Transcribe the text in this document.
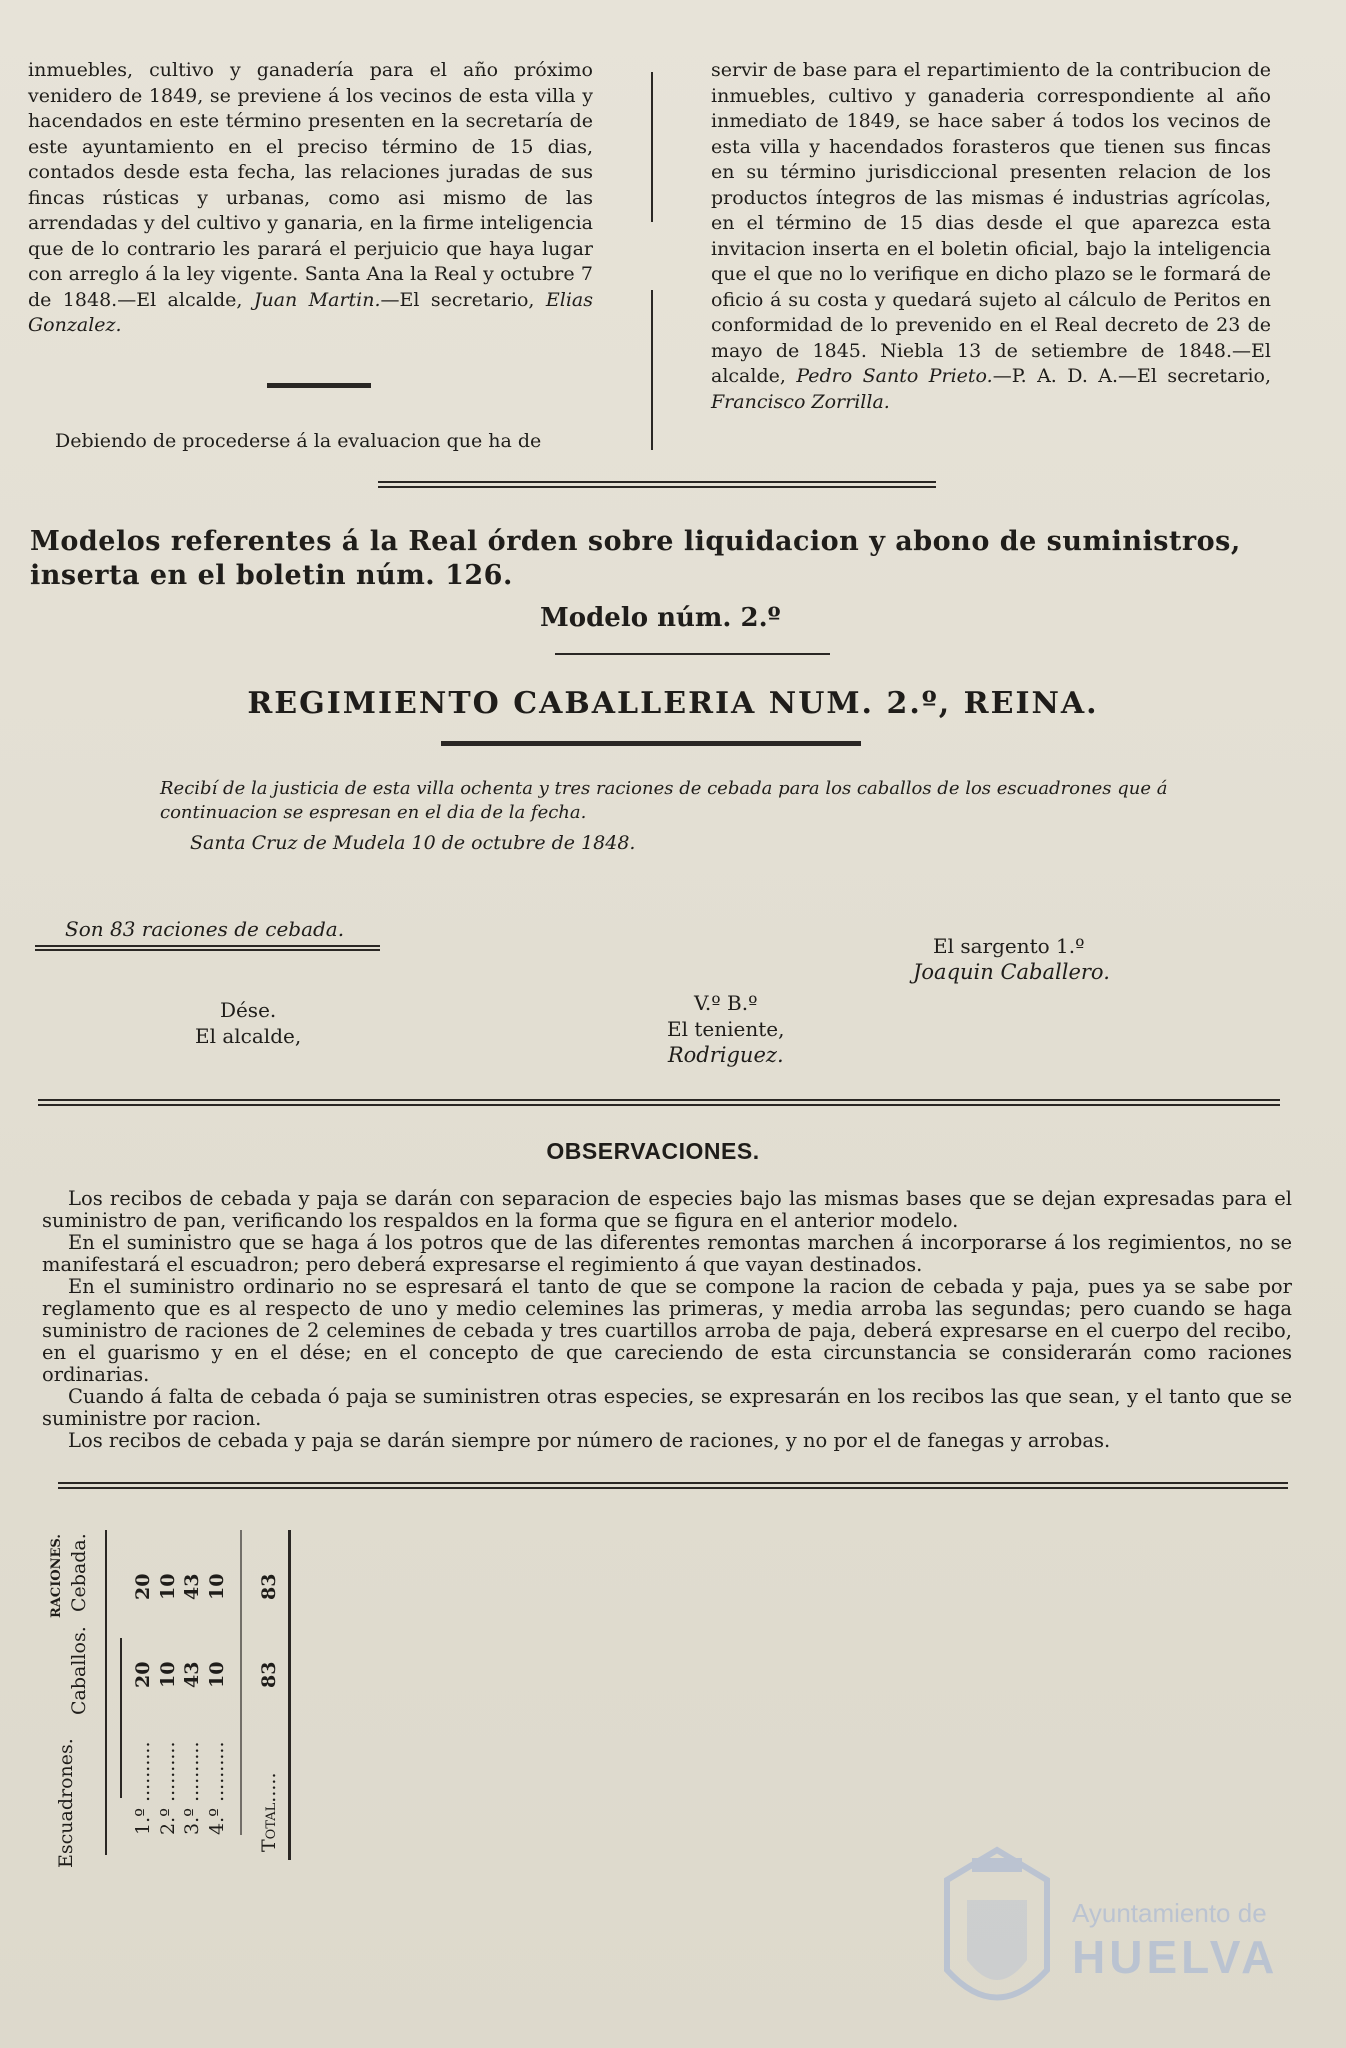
inmuebles, cultivo y ganadería para el año próximo venidero de 1849, se previene á los vecinos de esta villa y hacendados en este término presenten en la secretaría de este ayuntamiento en el preciso término de 15 dias, contados desde esta fecha, las relaciones juradas de sus fincas rústicas y urbanas, como asi mismo de las arrendadas y del cultivo y ganaria, en la firme inteligencia que de lo contrario les parará el perjuicio que haya lugar con arreglo á la ley vigente. Santa Ana la Real y octubre 7 de 1848.—El alcalde, Juan Martin.—El secretario, Elias Gonzalez.

Debiendo de procederse á la evaluacion que ha de

servir de base para el repartimiento de la contribucion de inmuebles, cultivo y ganaderia correspondiente al año inmediato de 1849, se hace saber á todos los vecinos de esta villa y hacendados forasteros que tienen sus fincas en su término jurisdiccional presenten relacion de los productos íntegros de las mismas é industrias agrícolas, en el término de 15 dias desde el que aparezca esta invitacion inserta en el boletin oficial, bajo la inteligencia que el que no lo verifique en dicho plazo se le formará de oficio á su costa y quedará sujeto al cálculo de Peritos en conformidad de lo prevenido en el Real decreto de 23 de mayo de 1845. Niebla 13 de setiembre de 1848.—El alcalde, Pedro Santo Prieto.—P. A. D. A.—El secretario, Francisco Zorrilla.

Modelos referentes á la Real órden sobre liquidacion y abono de suministros, inserta en el boletin núm. 126.
Modelo núm. 2.º
REGIMIENTO CABALLERIA NUM. 2.º, REINA.
Recibí de la justicia de esta villa ochenta y tres raciones de cebada para los caballos de los escuadrones que á continuacion se espresan en el dia de la fecha.
Santa Cruz de Mudela 10 de octubre de 1848.
Son 83 raciones de cebada.
El sargento 1.º
Joaquin Caballero.
Dése.
El alcalde,
V.º B.º
El teniente,
Rodriguez.
OBSERVACIONES.

Los recibos de cebada y paja se darán con separacion de especies bajo las mismas bases que se dejan expresadas para el suministro de pan, verificando los respaldos en la forma que se figura en el anterior modelo.

En el suministro que se haga á los potros que de las diferentes remontas marchen á incorporarse á los regimientos, no se manifestará el escuadron; pero deberá expresarse el regimiento á que vayan destinados.

En el suministro ordinario no se espresará el tanto de que se compone la racion de cebada y paja, pues ya se sabe por reglamento que es al respecto de uno y medio celemines las primeras, y media arroba las segundas; pero cuando se haga suministro de raciones de 2 celemines de cebada y tres cuartillos arroba de paja, deberá expresarse en el cuerpo del recibo, en el guarismo y en el dése; en el concepto de que careciendo de esta circunstancia se considerarán como raciones ordinarias.

Cuando á falta de cebada ó paja se suministren otras especies, se expresarán en los recibos las que sean, y el tanto que se suministre por racion.

Los recibos de cebada y paja se darán siempre por número de raciones, y no por el de fanegas y arrobas.

Escuadrones.
Caballos.
RACIONES. Cebada.
1.º .......... 2.º .......... 3.º .......... 4.º .......... Total.....
20 10 43 10 83
20 10 43 10 83
Ayuntamiento de
HUELVA
